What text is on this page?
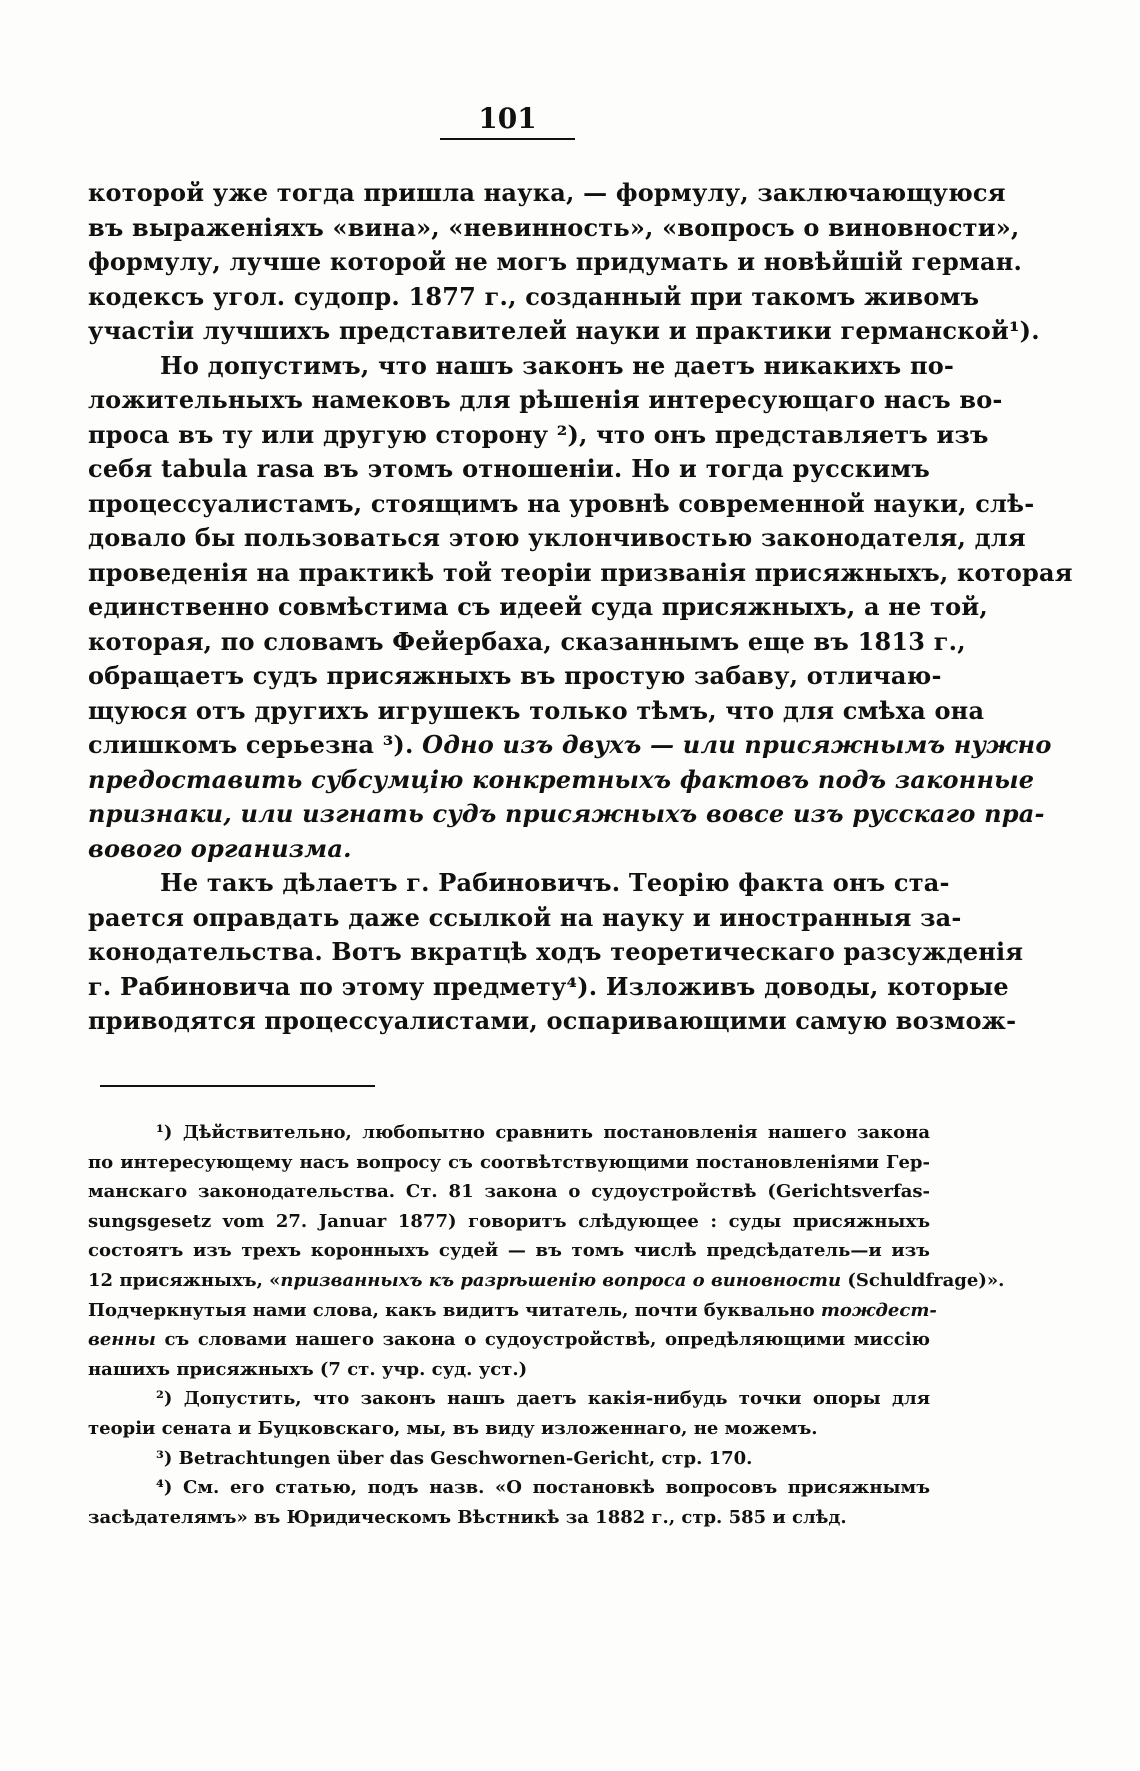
101
которой уже тогда пришла наука, — формулу, заключающуюся
въ выраженіяхъ «вина», «невинность», «вопросъ о виновности»,
формулу, лучше которой не могъ придумать и новѣйшій герман.
кодексъ угол. судопр. 1877 г., созданный при такомъ живомъ
участіи лучшихъ представителей науки и практики германской¹).
Но допустимъ, что нашъ законъ не даетъ никакихъ по-
ложительныхъ намековъ для рѣшенія интересующаго насъ во-
проса въ ту или другую сторону ²), что онъ представляетъ изъ
себя tabula rasa въ этомъ отношеніи. Но и тогда русскимъ
процессуалистамъ, стоящимъ на уровнѣ современной науки, слѣ-
довало бы пользоваться этою уклончивостью законодателя, для
проведенія на практикѣ той теоріи призванія присяжныхъ, которая
единственно совмѣстима съ идеей суда присяжныхъ, а не той,
которая, по словамъ Фейербаха, сказаннымъ еще въ 1813 г.,
обращаетъ судъ присяжныхъ въ простую забаву, отличаю-
щуюся отъ другихъ игрушекъ только тѣмъ, что для смѣха она
слишкомъ серьезна ³). Одно изъ двухъ — или присяжнымъ нужно
предоставить субсумцію конкретныхъ фактовъ подъ законные
признаки, или изгнать судъ присяжныхъ вовсе изъ русскаго пра-
вового организма.
Не такъ дѣлаетъ г. Рабиновичъ. Теорію факта онъ ста-
рается оправдать даже ссылкой на науку и иностранныя за-
конодательства. Вотъ вкратцѣ ходъ теоретическаго разсужденія
г. Рабиновича по этому предмету⁴). Изложивъ доводы, которые
приводятся процессуалистами, оспаривающими самую возмож-
¹) Дѣйствительно, любопытно сравнить постановленія нашего закона
по интересующему насъ вопросу съ соотвѣтствующими постановленіями Гер-
манскаго законодательства. Ст. 81 закона о судоустройствѣ (Gerichtsverfas-
sungsgesetz vom 27. Januar 1877) говоритъ слѣдующее : суды присяжныхъ
состоятъ изъ трехъ коронныхъ судей — въ томъ числѣ предсѣдатель—и изъ
12 присяжныхъ, «призванныхъ къ разрѣшенію вопроса о виновности (Schuldfrage)».
Подчеркнутыя нами слова, какъ видитъ читатель, почти буквально тождест-
венны съ словами нашего закона о судоустройствѣ, опредѣляющими миссію
нашихъ присяжныхъ (7 ст. учр. суд. уст.)
²) Допустить, что законъ нашъ даетъ какія-нибудь точки опоры для
теоріи сената и Буцковскаго, мы, въ виду изложеннаго, не можемъ.
³) Betrachtungen über das Geschwornen-Gericht, стр. 170.
⁴) См. его статью, подъ назв. «О постановкѣ вопросовъ присяжнымъ
засѣдателямъ» въ Юридическомъ Вѣстникѣ за 1882 г., стр. 585 и слѣд.
